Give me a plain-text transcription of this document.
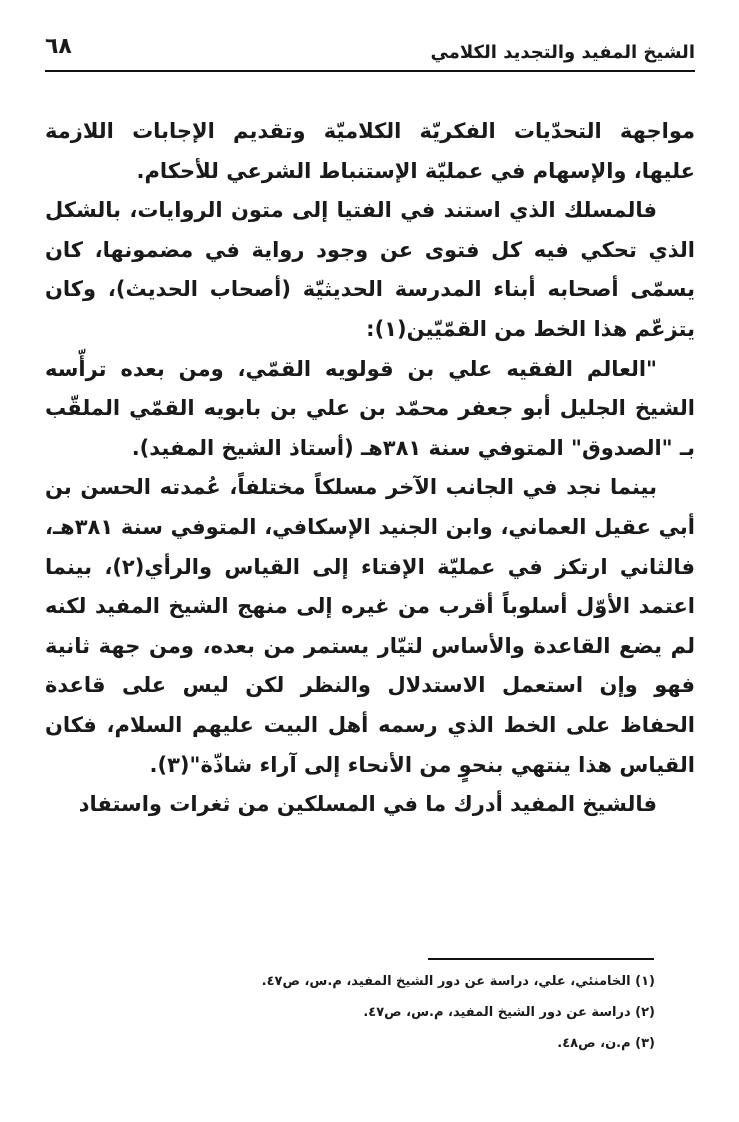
الشيخ المفيد والتجديد الكلامي
٦٨

مواجهة التحدّيات الفكريّة الكلاميّة وتقديم الإجابات اللازمة عليها، والإسهام في عمليّة الإستنباط الشرعي للأحكام.

فالمسلك الذي استند في الفتيا إلى متون الروايات، بالشكل الذي تحكي فيه كل فتوى عن وجود رواية في مضمونها، كان يسمّى أصحابه أبناء المدرسة الحديثيّة (أصحاب الحديث)، وكان يتزعّم هذا الخط من القمّيّين(١):

"العالم الفقيه علي بن قولويه القمّي، ومن بعده ترأّسه الشيخ الجليل أبو جعفر محمّد بن علي بن بابويه القمّي الملقّب بـ "الصدوق" المتوفي سنة ٣٨١هـ (أستاذ الشيخ المفيد).

بينما نجد في الجانب الآخر مسلكاً مختلفاً، عُمدته الحسن بن أبي عقيل العماني، وابن الجنيد الإسكافي، المتوفي سنة ٣٨١هـ، فالثاني ارتكز في عمليّة الإفتاء إلى القياس والرأي(٢)، بينما اعتمد الأوّل أسلوباً أقرب من غيره إلى منهج الشيخ المفيد لكنه لم يضع القاعدة والأساس لتيّار يستمر من بعده، ومن جهة ثانية فهو وإن استعمل الاستدلال والنظر لكن ليس على قاعدة الحفاظ على الخط الذي رسمه أهل البيت عليهم السلام، فكان القياس هذا ينتهي بنحوٍ من الأنحاء إلى آراء شاذّة"(٣).

فالشيخ المفيد أدرك ما في المسلكين من ثغرات واستفاد

(١) الخامنئي، علي، دراسة عن دور الشيخ المفيد، م.س، ص٤٧.
(٢) دراسة عن دور الشيخ المفيد، م.س، ص٤٧.
(٣) م.ن، ص٤٨.
